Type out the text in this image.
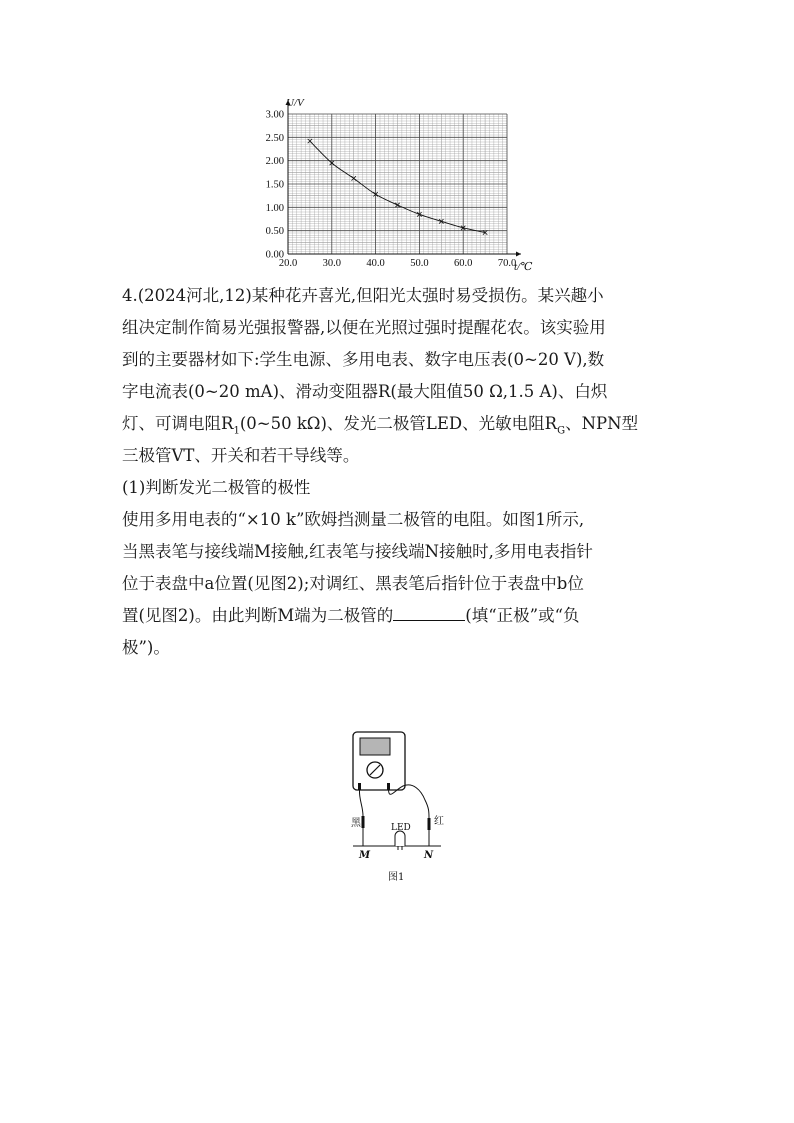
20.0 30.0 40.0 50.0 60.0 70.0
0.00
0.50
1.00
1.50
2.00
2.50
3.00
U/V
t/℃
4.(2024河北,12)某种花卉喜光,但阳光太强时易受损伤。某兴趣小
组决定制作简易光强报警器,以便在光照过强时提醒花农。该实验用
到的主要器材如下:学生电源、多用电表、数字电压表(0~20 V),数
字电流表(0~20 mA)、滑动变阻器R(最大阻值50 Ω,1.5 A)、白炽
灯、可调电阻$R_1(0\sim 50$ kΩ)、发光二极管LED、光敏电阻$R_G$、NPN型
三极管VT、开关和若干导线等。
(1)判断发光二极管的极性
使用多用电表的“×10 k”欧姆挡测量二极管的电阻。如图1所示,
当黑表笔与接线端M接触,红表笔与接线端N接触时,多用电表指针
位于表盘中a位置(见图2);对调红、黑表笔后指针位于表盘中b位
置(见图2)。由此判断M端为二极管的	(填“正极”或“负
极”)。
黑	红
LED
M	N
图1
